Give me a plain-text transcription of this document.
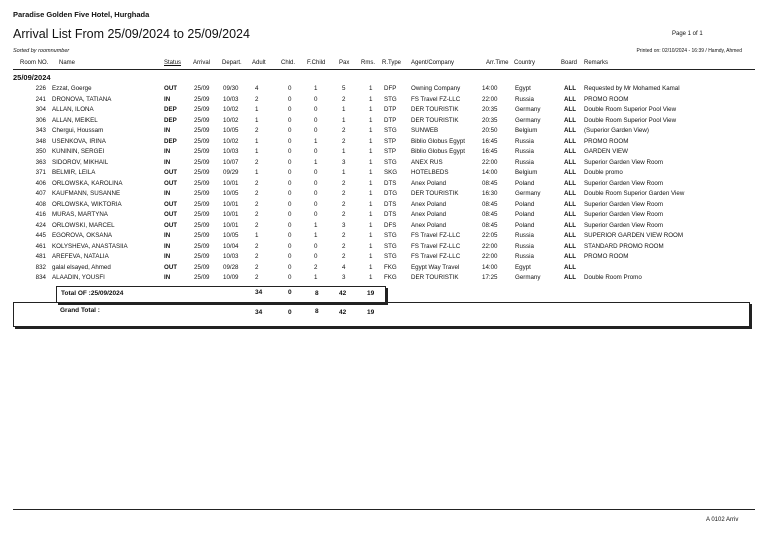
Paradise Golden Five Hotel, Hurghada
Arrival List From 25/09/2024 to 25/09/2024	Page 1 of 1
Sorted by roomnumber	Printed on: 02/10/2024 - 16:39 / Hamdy, Ahmed
Room NO. Name	Status Arrival Depart. Adult	Chld. F.Child Pax Rms. R.Type Agent/Company	Arr.Time Country	Board Remarks
25/09/2024
226 Ezzat, Goerge	OUT	25/09 09/30	4	0	1	5	1 DFP Owning Company	14:00	Egypt	ALL Requested by Mr Mohamed Kamal
241 DRONOVA, TATIANA	IN	25/09 10/03	2	0	0	2	1 STG FS Travel FZ-LLC	22:00	Russia	ALL PROMO ROOM
304 ALLAN, ILONA	DEP	25/09 10/02	1	0	0	1	1 DTP DER TOURISTIK	20:35	Germany	ALL Double Room Superior Pool View
306 ALLAN, MEIKEL	DEP	25/09 10/02	1	0	0	1	1 DTP DER TOURISTIK	20:35	Germany	ALL Double Room Superior Pool View
343 Chergui, Houssam	IN	25/09 10/05	2	0	0	2	1 STG SUNWEB	20:50	Belgium	ALL (Superior Garden View)
348 USENKOVA, IRINA	DEP	25/09 10/02	1	0	1	2	1 STP Biblio Globus Egypt	16:45	Russia	ALL PROMO ROOM
350 KUNININ, SERGEI	IN	25/09 10/03	1	0	0	1	1 STP Biblio Globus Egypt	16:45	Russia	ALL GARDEN VIEW
363 SIDOROV, MIKHAIL	IN	25/09 10/07	2	0	1	3	1 STG ANEX RUS	22:00	Russia	ALL Superior Garden View Room
371 BELMIR, LEILA	OUT	25/09 09/29	1	0	0	1	1 SKG HOTELBEDS	14:00	Belgium	ALL Double promo
406 ORLOWSKA, KAROLINA	OUT	25/09 10/01	2	0	0	2	1 DTS Anex Poland	08:45	Poland	ALL Superior Garden View Room
407 KAUFMANN, SUSANNE	IN	25/09 10/05	2	0	0	2	1 DTG DER TOURISTIK	16:30	Germany	ALL Double Room Superior Garden View
408 ORLOWSKA, WIKTORIA	OUT	25/09 10/01	2	0	0	2	1 DTS Anex Poland	08:45	Poland	ALL Superior Garden View Room
416 MURAS, MARTYNA	OUT	25/09 10/01	2	0	0	2	1 DTS Anex Poland	08:45	Poland	ALL Superior Garden View Room
424 ORLOWSKI, MARCEL	OUT	25/09 10/01	2	0	1	3	1 DFS Anex Poland	08:45	Poland	ALL Superior Garden View Room
445 EGOROVA, OKSANA	IN	25/09 10/05	1	0	1	2	1 STG FS Travel FZ-LLC	22:05	Russia	ALL SUPERIOR GARDEN VIEW ROOM
461 KOLYSHEVA, ANASTASIIA	IN	25/09 10/04	2	0	0	2	1 STG FS Travel FZ-LLC	22:00	Russia	ALL STANDARD PROMO ROOM
481 AREFEVA, NATALIA	IN	25/09 10/03	2	0	0	2	1 STG FS Travel FZ-LLC	22:00	Russia	ALL PROMO ROOM
832 galal elsayed, Ahmed	OUT	25/09 09/28	2	0	2	4	1 FKG Egypt Way Travel	14:00	Egypt	ALL
834 ALAADIN, YOUSFI	IN	25/09 10/09	2	0	1	3	1 FKG DER TOURISTIK	17:25	Germany	ALL Double Room Promo
Total OF :25/09/2024	34	0	8	42	19
Grand Total :	34	0	8	42	19
A 0102 Arriv
